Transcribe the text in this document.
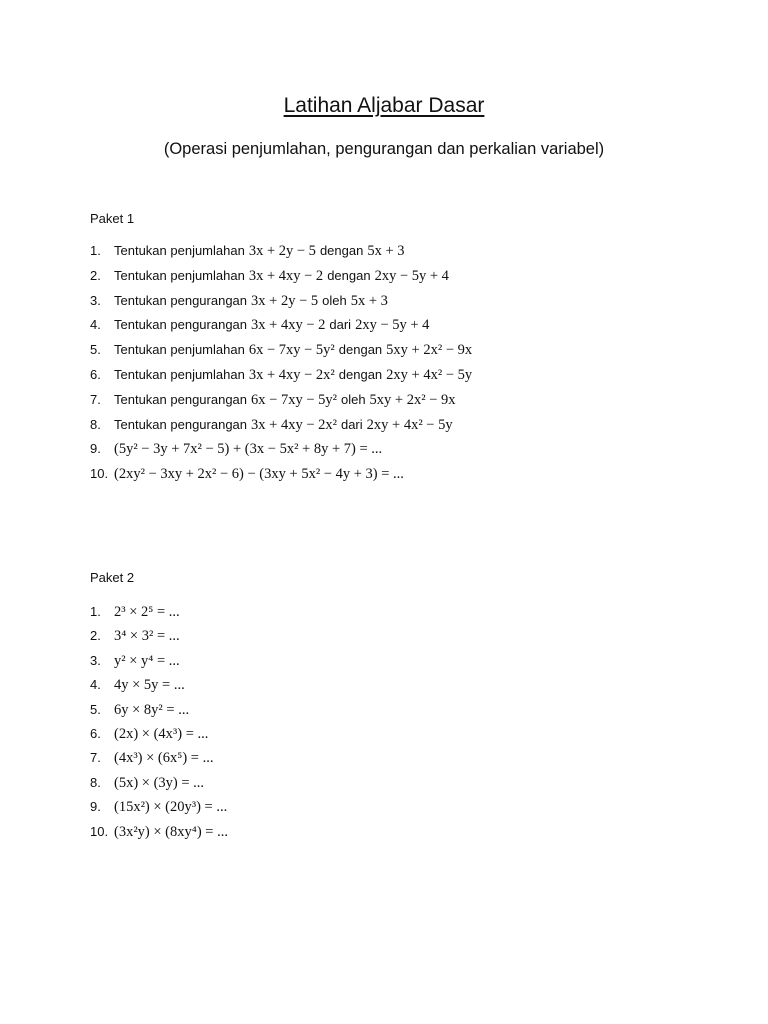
Latihan Aljabar Dasar
(Operasi penjumlahan, pengurangan dan perkalian variabel)
Paket 1
1. Tentukan penjumlahan 3x + 2y − 5 dengan 5x + 3
2. Tentukan penjumlahan 3x + 4xy − 2 dengan 2xy − 5y + 4
3. Tentukan pengurangan 3x + 2y − 5 oleh 5x + 3
4. Tentukan pengurangan 3x + 4xy − 2 dari 2xy − 5y + 4
5. Tentukan penjumlahan 6x − 7xy − 5y² dengan 5xy + 2x² − 9x
6. Tentukan penjumlahan 3x + 4xy − 2x² dengan 2xy + 4x² − 5y
7. Tentukan pengurangan 6x − 7xy − 5y² oleh 5xy + 2x² − 9x
8. Tentukan pengurangan 3x + 4xy − 2x² dari 2xy + 4x² − 5y
9. (5y² − 3y + 7x² − 5) + (3x − 5x² + 8y + 7) = ...
10. (2xy² − 3xy + 2x² − 6) − (3xy + 5x² − 4y + 3) = ...
Paket 2
1. 2³ × 2⁵ = ...
2. 3⁴ × 3² = ...
3. y² × y⁴ = ...
4. 4y × 5y = ...
5. 6y × 8y² = ...
6. (2x) × (4x³) = ...
7. (4x³) × (6x⁵) = ...
8. (5x) × (3y) = ...
9. (15x²) × (20y³) = ...
10. (3x²y) × (8xy⁴) = ...
